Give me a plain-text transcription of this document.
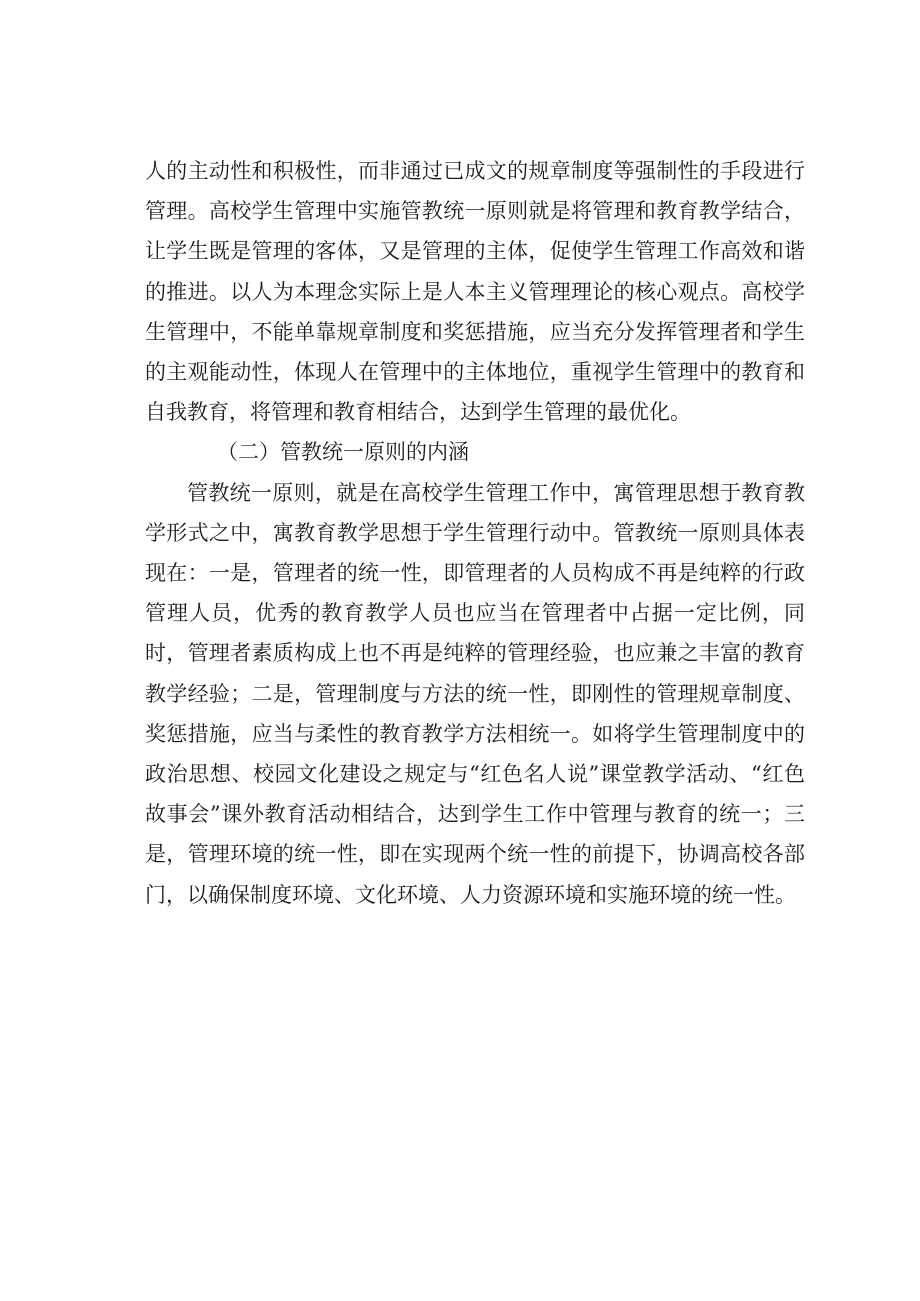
人的主动性和积极性，而非通过已成文的规章制度等强制性的手段进行管理。高校学生管理中实施管教统一原则就是将管理和教育教学结合，让学生既是管理的客体，又是管理的主体，促使学生管理工作高效和谐的推进。以人为本理念实际上是人本主义管理理论的核心观点。高校学生管理中，不能单靠规章制度和奖惩措施，应当充分发挥管理者和学生的主观能动性，体现人在管理中的主体地位，重视学生管理中的教育和自我教育，将管理和教育相结合，达到学生管理的最优化。

（二）管教统一原则的内涵

管教统一原则，就是在高校学生管理工作中，寓管理思想于教育教学形式之中，寓教育教学思想于学生管理行动中。管教统一原则具体表现在：一是，管理者的统一性，即管理者的人员构成不再是纯粹的行政管理人员，优秀的教育教学人员也应当在管理者中占据一定比例，同时，管理者素质构成上也不再是纯粹的管理经验，也应兼之丰富的教育教学经验；二是，管理制度与方法的统一性，即刚性的管理规章制度、奖惩措施，应当与柔性的教育教学方法相统一。如将学生管理制度中的政治思想、校园文化建设之规定与“红色名人说”课堂教学活动、“红色故事会”课外教育活动相结合，达到学生工作中管理与教育的统一；三是，管理环境的统一性，即在实现两个统一性的前提下，协调高校各部门，以确保制度环境、文化环境、人力资源环境和实施环境的统一性。
